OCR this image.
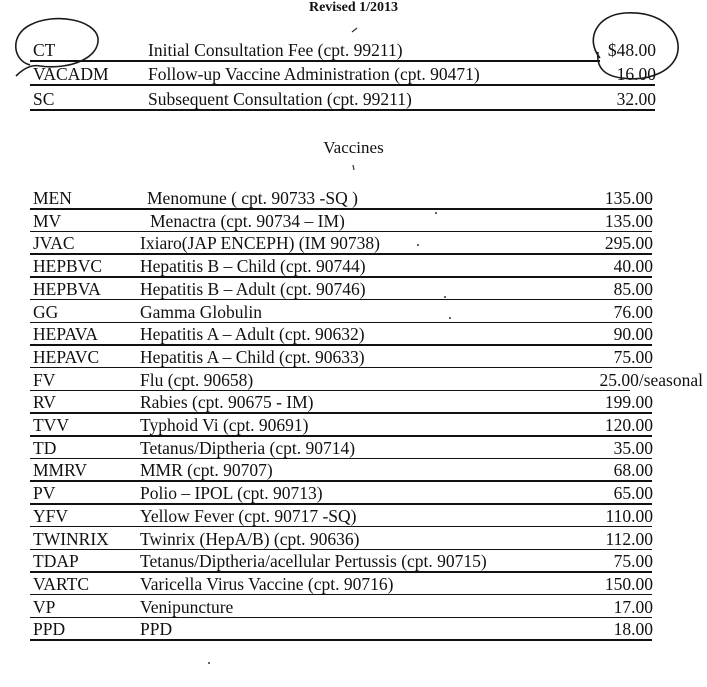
Revised 1/2013
CT	Initial Consultation Fee (cpt. 99211)	$48.00
VACADM Follow-up Vaccine Administration (cpt. 90471)	16.00
SC	Subsequent Consultation (cpt. 99211)	32.00
Vaccines
MEN	Menomune ( cpt. 90733 -SQ )	135.00
MV	Menactra (cpt. 90734 – IM)	135.00
JVAC	Ixiaro(JAP ENCEPH) (IM 90738)	295.00
HEPBVC Hepatitis B – Child (cpt. 90744)	40.00
HEPBVA Hepatitis B – Adult (cpt. 90746)	85.00
GG	Gamma Globulin	76.00
HEPAVA Hepatitis A – Adult (cpt. 90632)	90.00
HEPAVC Hepatitis A – Child (cpt. 90633)	75.00
FV	Flu (cpt. 90658)	25.00/seasonal
RV	Rabies (cpt. 90675 - IM)	199.00
TVV	Typhoid Vi (cpt. 90691)	120.00
TD	Tetanus/Diptheria (cpt. 90714)	35.00
MMRV	MMR (cpt. 90707)	68.00
PV	Polio – IPOL (cpt. 90713)	65.00
YFV	Yellow Fever (cpt. 90717 -SQ)	110.00
TWINRIX Twinrix (HepA/B) (cpt. 90636)	112.00
TDAP	Tetanus/Diptheria/acellular Pertussis (cpt. 90715)	75.00
VARTC	Varicella Virus Vaccine (cpt. 90716)	150.00
VP	Venipuncture	17.00
PPD	PPD	18.00
